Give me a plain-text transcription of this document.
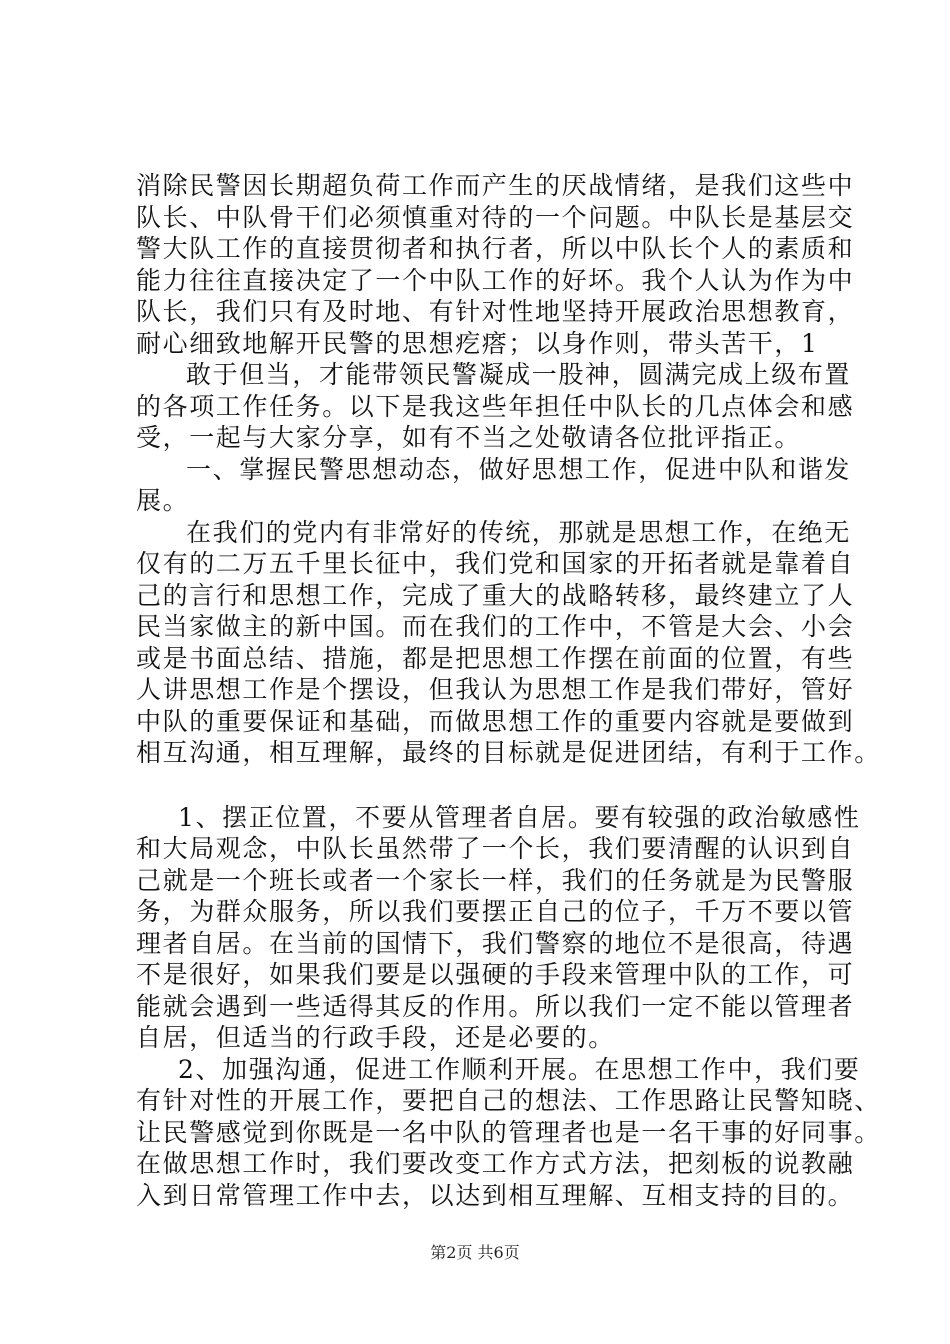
消除民警因长期超负荷工作而产生的厌战情绪，是我们这些中
队长、中队骨干们必须慎重对待的一个问题。中队长是基层交
警大队工作的直接贯彻者和执行者，所以中队长个人的素质和
能力往往直接决定了一个中队工作的好坏。我个人认为作为中
队长，我们只有及时地、有针对性地坚持开展政治思想教育，
耐心细致地解开民警的思想疙瘩；以身作则，带头苦干，1
敢于但当，才能带领民警凝成一股神，圆满完成上级布置
的各项工作任务。以下是我这些年担任中队长的几点体会和感
受，一起与大家分享，如有不当之处敬请各位批评指正。
一、掌握民警思想动态，做好思想工作，促进中队和谐发
展。
在我们的党内有非常好的传统，那就是思想工作，在绝无
仅有的二万五千里长征中，我们党和国家的开拓者就是靠着自
己的言行和思想工作，完成了重大的战略转移，最终建立了人
民当家做主的新中国。而在我们的工作中，不管是大会、小会
或是书面总结、措施，都是把思想工作摆在前面的位置，有些
人讲思想工作是个摆设，但我认为思想工作是我们带好，管好
中队的重要保证和基础，而做思想工作的重要内容就是要做到
相互沟通，相互理解，最终的目标就是促进团结，有利于工作。
1、摆正位置，不要从管理者自居。要有较强的政治敏感性
和大局观念，中队长虽然带了一个长，我们要清醒的认识到自
己就是一个班长或者一个家长一样，我们的任务就是为民警服
务，为群众服务，所以我们要摆正自己的位子，千万不要以管
理者自居。在当前的国情下，我们警察的地位不是很高，待遇
不是很好，如果我们要是以强硬的手段来管理中队的工作，可
能就会遇到一些适得其反的作用。所以我们一定不能以管理者
自居，但适当的行政手段，还是必要的。
2、加强沟通，促进工作顺利开展。在思想工作中，我们要
有针对性的开展工作，要把自己的想法、工作思路让民警知晓、
让民警感觉到你既是一名中队的管理者也是一名干事的好同事。
在做思想工作时，我们要改变工作方式方法，把刻板的说教融
入到日常管理工作中去，以达到相互理解、互相支持的目的。
第2页 共6页
